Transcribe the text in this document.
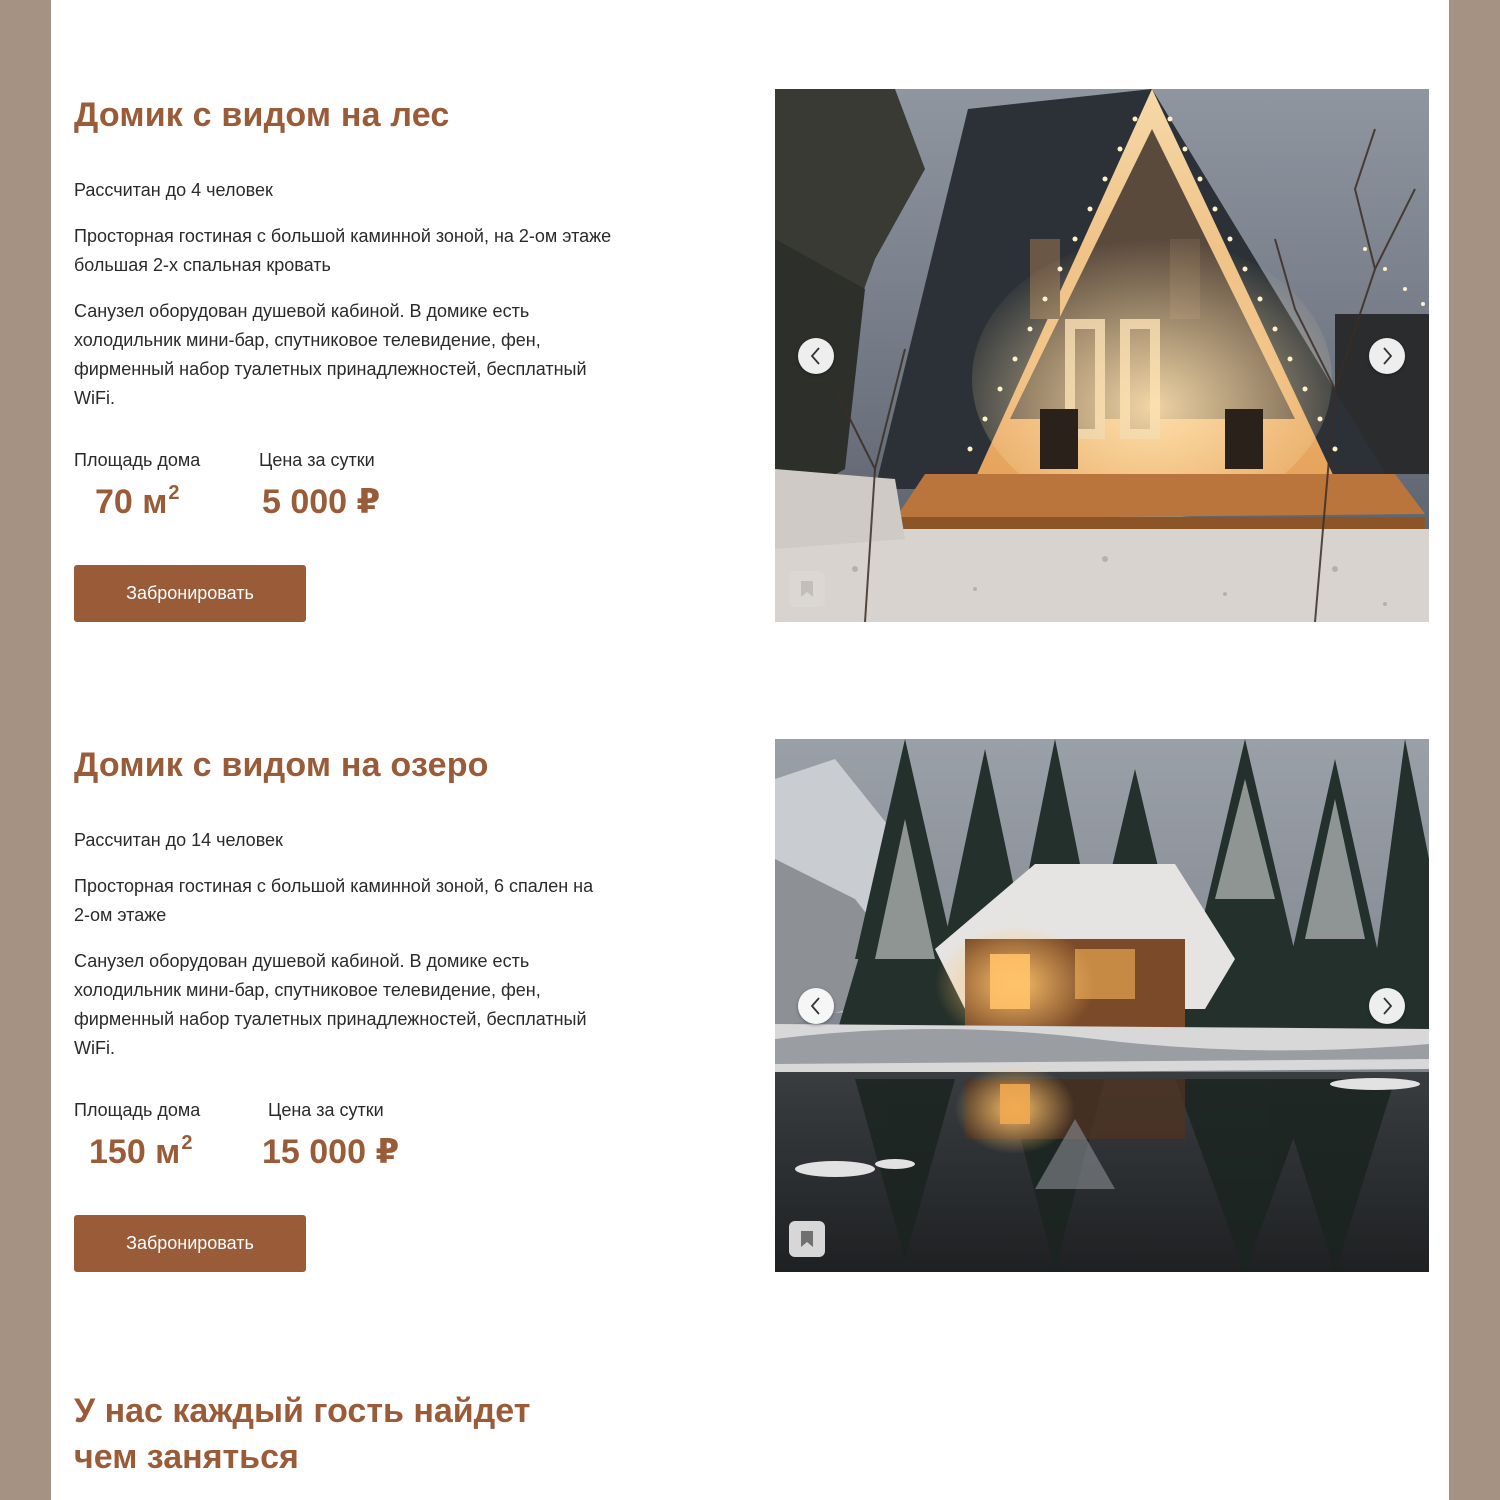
Домик с видом на лес

Рассчитан до 4 человек

Просторная гостиная с большой каминной зоной, на 2-ом этаже большая 2-х спальная кровать

Санузел оборудован душевой кабиной. В домике есть холодильник мини-бар, спутниковое телевидение, фен, фирменный набор туалетных принадлежностей, бесплатный WiFi.

Площадь дома
70 $м^2$
Цена за сутки
5 000 ₽
Забронировать
Домик с видом на озеро

Рассчитан до 14 человек

Просторная гостиная с большой каминной зоной, 6 спален на 2-ом этаже

Санузел оборудован душевой кабиной. В домике есть холодильник мини-бар, спутниковое телевидение, фен, фирменный набор туалетных принадлежностей, бесплатный WiFi.

Площадь дома
150 $м^2$
Цена за сутки
15 000 ₽
Забронировать
У нас каждый гость найдет чем заняться
